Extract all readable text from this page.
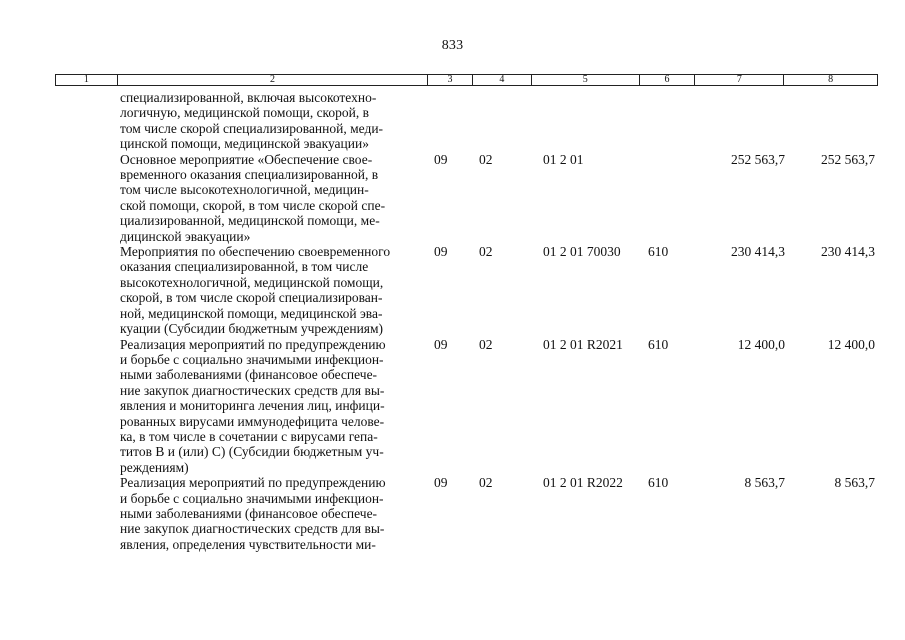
833
1	2	3	4	5	6	7	8
специализированной, включая высокотехно-
логичную, медицинской помощи, скорой, в
том числе скорой специализированной, меди-
цинской помощи, медицинской эвакуации»
Основное мероприятие «Обеспечение свое-
временного оказания специализированной, в
том числе высокотехнологичной, медицин-
ской помощи, скорой, в том числе скорой спе-
циализированной, медицинской помощи, ме-
дицинской эвакуации»
09 02	01 2 01	252 563,7	252 563,7
Мероприятия по обеспечению своевременного
оказания специализированной, в том числе
высокотехнологичной, медицинской помощи,
скорой, в том числе скорой специализирован-
ной, медицинской помощи, медицинской эва-
куации (Субсидии бюджетным учреждениям)
09 02	01 2 01 70030 610	230 414,3	230 414,3
Реализация мероприятий по предупреждению
и борьбе с социально значимыми инфекцион-
ными заболеваниями (финансовое обеспече-
ние закупок диагностических средств для вы-
явления и мониторинга лечения лиц, инфици-
рованных вирусами иммунодефицита челове-
ка, в том числе в сочетании с вирусами гепа-
титов В и (или) С) (Субсидии бюджетным уч-
реждениям)
09 02	01 2 01 R2021 610	12 400,0	12 400,0
Реализация мероприятий по предупреждению
и борьбе с социально значимыми инфекцион-
ными заболеваниями (финансовое обеспече-
ние закупок диагностических средств для вы-
явления, определения чувствительности ми-
09 02	01 2 01 R2022 610	8 563,7	8 563,7
